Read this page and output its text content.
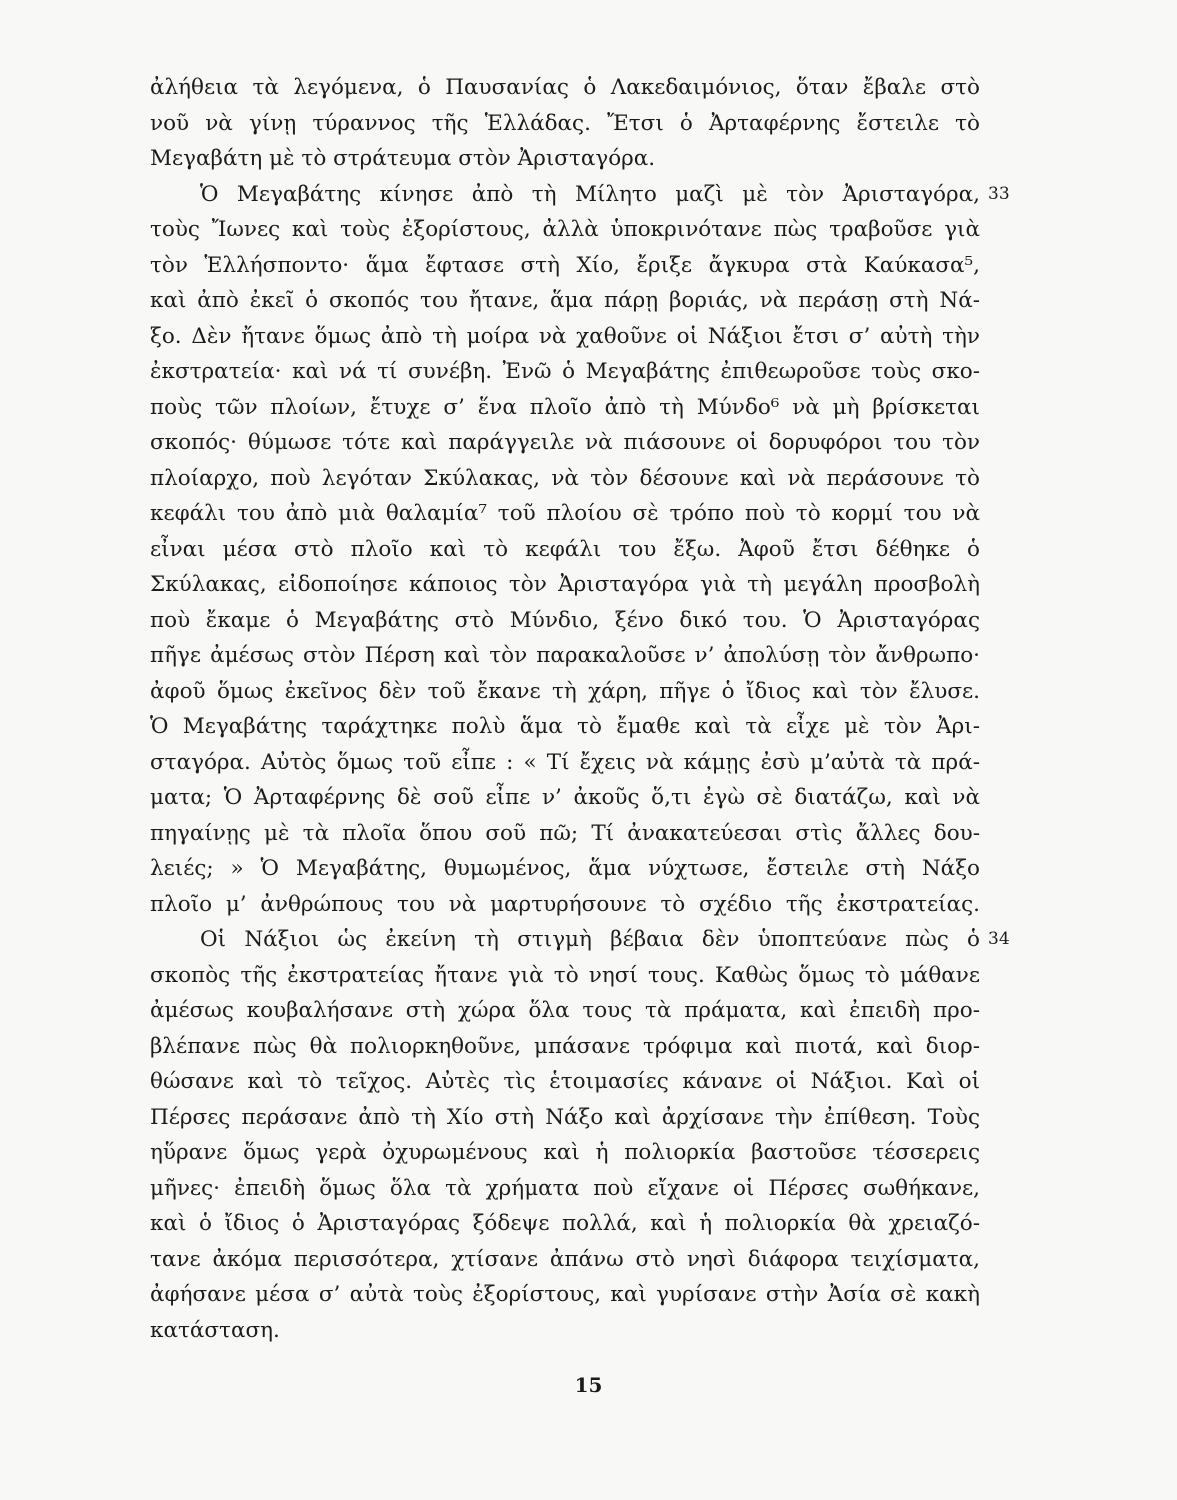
ἀλήθεια τὰ λεγόμενα, ὁ Παυσανίας ὁ Λακεδαιμόνιος, ὅταν ἔβαλε στὸ
νοῦ νὰ γίνῃ τύραννος τῆς Ἑλλάδας. Ἔτσι ὁ Ἀρταφέρνης ἔστειλε τὸ
Μεγαβάτη μὲ τὸ στράτευμα στὸν Ἀρισταγόρα.
Ὁ Μεγαβάτης κίνησε ἀπὸ τὴ Μίλητο μαζὶ μὲ τὸν Ἀρισταγόρα, 33
τοὺς Ἴωνες καὶ τοὺς ἐξορίστους, ἀλλὰ ὑποκρινότανε πὼς τραβοῦσε γιὰ
τὸν Ἑλλήσποντο· ἅμα ἔφτασε στὴ Χίο, ἔριξε ἄγκυρα στὰ Καύκασα⁵,
καὶ ἀπὸ ἐκεῖ ὁ σκοπός του ἤτανε, ἅμα πάρῃ βοριάς, νὰ περάσῃ στὴ Νά-
ξο. Δὲν ἤτανε ὅμως ἀπὸ τὴ μοίρα νὰ χαθοῦνε οἱ Νάξιοι ἔτσι σ’ αὐτὴ τὴν
ἐκστρατεία· καὶ νά τί συνέβη. Ἐνῶ ὁ Μεγαβάτης ἐπιθεωροῦσε τοὺς σκο-
ποὺς τῶν πλοίων, ἔτυχε σ’ ἕνα πλοῖο ἀπὸ τὴ Μύνδο⁶ νὰ μὴ βρίσκεται
σκοπός· θύμωσε τότε καὶ παράγγειλε νὰ πιάσουνε οἱ δορυφόροι του τὸν
πλοίαρχο, ποὺ λεγόταν Σκύλακας, νὰ τὸν δέσουνε καὶ νὰ περάσουνε τὸ
κεφάλι του ἀπὸ μιὰ θαλαμία⁷ τοῦ πλοίου σὲ τρόπο ποὺ τὸ κορμί του νὰ
εἶναι μέσα στὸ πλοῖο καὶ τὸ κεφάλι του ἔξω. Ἀφοῦ ἔτσι δέθηκε ὁ
Σκύλακας, εἰδοποίησε κάποιος τὸν Ἀρισταγόρα γιὰ τὴ μεγάλη προσβολὴ
ποὺ ἔκαμε ὁ Μεγαβάτης στὸ Μύνδιο, ξένο δικό του. Ὁ Ἀρισταγόρας
πῆγε ἀμέσως στὸν Πέρση καὶ τὸν παρακαλοῦσε ν’ ἀπολύσῃ τὸν ἄνθρωπο·
ἀφοῦ ὅμως ἐκεῖνος δὲν τοῦ ἔκανε τὴ χάρη, πῆγε ὁ ἴδιος καὶ τὸν ἔλυσε.
Ὁ Μεγαβάτης ταράχτηκε πολὺ ἅμα τὸ ἔμαθε καὶ τὰ εἶχε μὲ τὸν Ἀρι-
σταγόρα. Αὐτὸς ὅμως τοῦ εἶπε : « Τί ἔχεις νὰ κάμῃς ἐσὺ μ’αὐτὰ τὰ πρά-
ματα; Ὁ Ἀρταφέρνης δὲ σοῦ εἶπε ν’ ἀκοῦς ὅ,τι ἐγὼ σὲ διατάζω, καὶ νὰ
πηγαίνῃς μὲ τὰ πλοῖα ὅπου σοῦ πῶ; Τί ἀνακατεύεσαι στὶς ἄλλες δου-
λειές; » Ὁ Μεγαβάτης, θυμωμένος, ἅμα νύχτωσε, ἔστειλε στὴ Νάξο
πλοῖο μ’ ἀνθρώπους του νὰ μαρτυρήσουνε τὸ σχέδιο τῆς ἐκστρατείας.
Οἱ Νάξιοι ὡς ἐκείνη τὴ στιγμὴ βέβαια δὲν ὑποπτεύανε πὼς ὁ 34
σκοπὸς τῆς ἐκστρατείας ἤτανε γιὰ τὸ νησί τους. Καθὼς ὅμως τὸ μάθανε
ἀμέσως κουβαλήσανε στὴ χώρα ὅλα τους τὰ πράματα, καὶ ἐπειδὴ προ-
βλέπανε πὼς θὰ πολιορκηθοῦνε, μπάσανε τρόφιμα καὶ πιοτά, καὶ διορ-
θώσανε καὶ τὸ τεῖχος. Αὐτὲς τὶς ἑτοιμασίες κάνανε οἱ Νάξιοι. Καὶ οἱ
Πέρσες περάσανε ἀπὸ τὴ Χίο στὴ Νάξο καὶ ἀρχίσανε τὴν ἐπίθεση. Τοὺς
ηὕρανε ὅμως γερὰ ὀχυρωμένους καὶ ἡ πολιορκία βαστοῦσε τέσσερεις
μῆνες· ἐπειδὴ ὅμως ὅλα τὰ χρήματα ποὺ εἴχανε οἱ Πέρσες σωθήκανε,
καὶ ὁ ἴδιος ὁ Ἀρισταγόρας ξόδεψε πολλά, καὶ ἡ πολιορκία θὰ χρειαζό-
τανε ἀκόμα περισσότερα, χτίσανε ἀπάνω στὸ νησὶ διάφορα τειχίσματα,
ἀφήσανε μέσα σ’ αὐτὰ τοὺς ἐξορίστους, καὶ γυρίσανε στὴν Ἀσία σὲ κακὴ
κατάσταση.
15
